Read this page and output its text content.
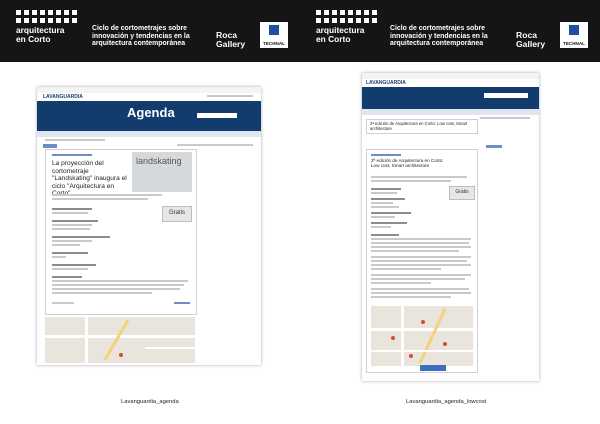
arquitectura
en Corto
Ciclo de cortometrajes sobre innovación y tendencias en la arquitectura contemporánea
Roca
Gallery	TECHNAL
arquitectura
en Corto
Ciclo de cortometrajes sobre innovación y tendencias en la arquitectura contemporánea
Roca
Gallery	TECHNAL
LAVANGUARDIA
Agenda
La proyección del cortometraje "Landskating" inaugura el ciclo "Arquitectura en
landskating
Gratis
Lavanguardia_agenda
LAVANGUARDIA
2ª edición de Arquitectura en Corto: Low cost, Smart architecture
2ª edición de Arquitectura en Corto: Low cost, Smart architecture
Gratis
Lavanguardia_agenda_lowcost
